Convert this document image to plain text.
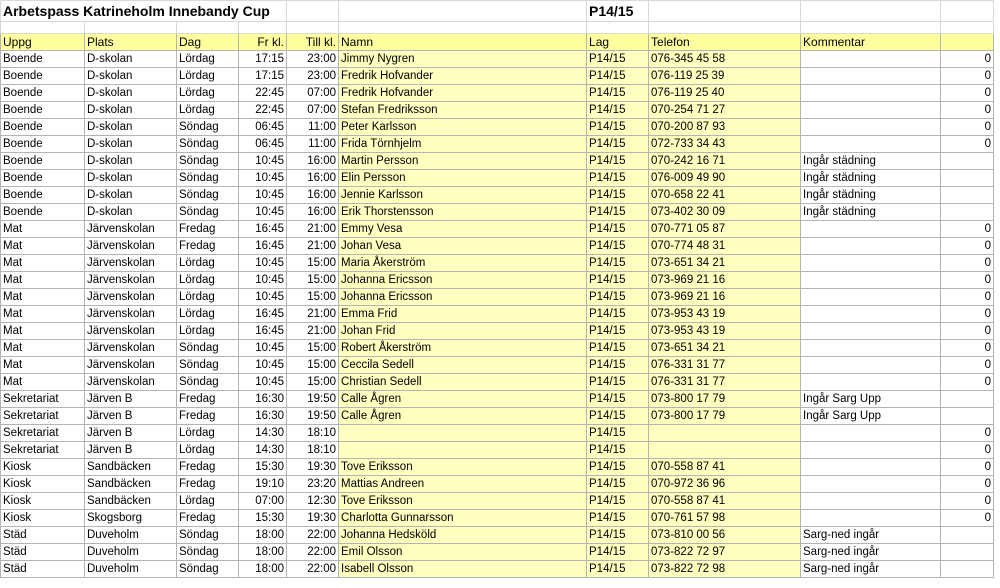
Arbetspass Katrineholm Innebandy Cup						P14/15			

Uppg	Plats	Dag	Fr kl.	Till kl.	Namn	Lag	Telefon	Kommentar	
Boende	D-skolan	Lördag	17:15	23:00	Jimmy Nygren	P14/15	076-345 45 58		0
Boende	D-skolan	Lördag	17:15	23:00	Fredrik Hofvander	P14/15	076-119 25 39		0
Boende	D-skolan	Lördag	22:45	07:00	Fredrik Hofvander	P14/15	076-119 25 40		0
Boende	D-skolan	Lördag	22:45	07:00	Stefan Fredriksson	P14/15	070-254 71 27		0
Boende	D-skolan	Söndag	06:45	11:00	Peter Karlsson	P14/15	070-200 87 93		0
Boende	D-skolan	Söndag	06:45	11:00	Frida Törnhjelm	P14/15	072-733 34 43		0
Boende	D-skolan	Söndag	10:45	16:00	Martin Persson	P14/15	070-242 16 71	Ingår städning	
Boende	D-skolan	Söndag	10:45	16:00	Elin Persson	P14/15	076-009 49 90	Ingår städning	
Boende	D-skolan	Söndag	10:45	16:00	Jennie Karlsson	P14/15	070-658 22 41	Ingår städning	
Boende	D-skolan	Söndag	10:45	16:00	Erik Thorstensson	P14/15	073-402 30 09	Ingår städning	
Mat	Järvenskolan	Fredag	16:45	21:00	Emmy Vesa	P14/15	070-771 05 87		0
Mat	Järvenskolan	Fredag	16:45	21:00	Johan Vesa	P14/15	070-774 48 31		0
Mat	Järvenskolan	Lördag	10:45	15:00	Maria Åkerström	P14/15	073-651 34 21		0
Mat	Järvenskolan	Lördag	10:45	15:00	Johanna Ericsson	P14/15	073-969 21 16		0
Mat	Järvenskolan	Lördag	10:45	15:00	Johanna Ericsson	P14/15	073-969 21 16		0
Mat	Järvenskolan	Lördag	16:45	21:00	Emma Frid	P14/15	073-953 43 19		0
Mat	Järvenskolan	Lördag	16:45	21:00	Johan Frid	P14/15	073-953 43 19		0
Mat	Järvenskolan	Söndag	10:45	15:00	Robert Åkerström	P14/15	073-651 34 21		0
Mat	Järvenskolan	Söndag	10:45	15:00	Ceccila Sedell	P14/15	076-331 31 77		0
Mat	Järvenskolan	Söndag	10:45	15:00	Christian Sedell	P14/15	076-331 31 77		0
Sekretariat	Järven B	Fredag	16:30	19:50	Calle Ågren	P14/15	073-800 17 79	Ingår Sarg Upp	
Sekretariat	Järven B	Fredag	16:30	19:50	Calle Ågren	P14/15	073-800 17 79	Ingår Sarg Upp	
Sekretariat	Järven B	Lördag	14:30	18:10		P14/15			0
Sekretariat	Järven B	Lördag	14:30	18:10		P14/15			0
Kiosk	Sandbäcken	Fredag	15:30	19:30	Tove Eriksson	P14/15	070-558 87 41		0
Kiosk	Sandbäcken	Fredag	19:10	23:20	Mattias Andreen	P14/15	070-972 36 96		0
Kiosk	Sandbäcken	Lördag	07:00	12:30	Tove Eriksson	P14/15	070-558 87 41		0
Kiosk	Skogsborg	Fredag	15:30	19:30	Charlotta Gunnarsson	P14/15	070-761 57 98		0
Städ	Duveholm	Söndag	18:00	22:00	Johanna Hedsköld	P14/15	073-810 00 56	Sarg-ned ingår	
Städ	Duveholm	Söndag	18:00	22:00	Emil Olsson	P14/15	073-822 72 97	Sarg-ned ingår	
Städ	Duveholm	Söndag	18:00	22:00	Isabell Olsson	P14/15	073-822 72 98	Sarg-ned ingår	
